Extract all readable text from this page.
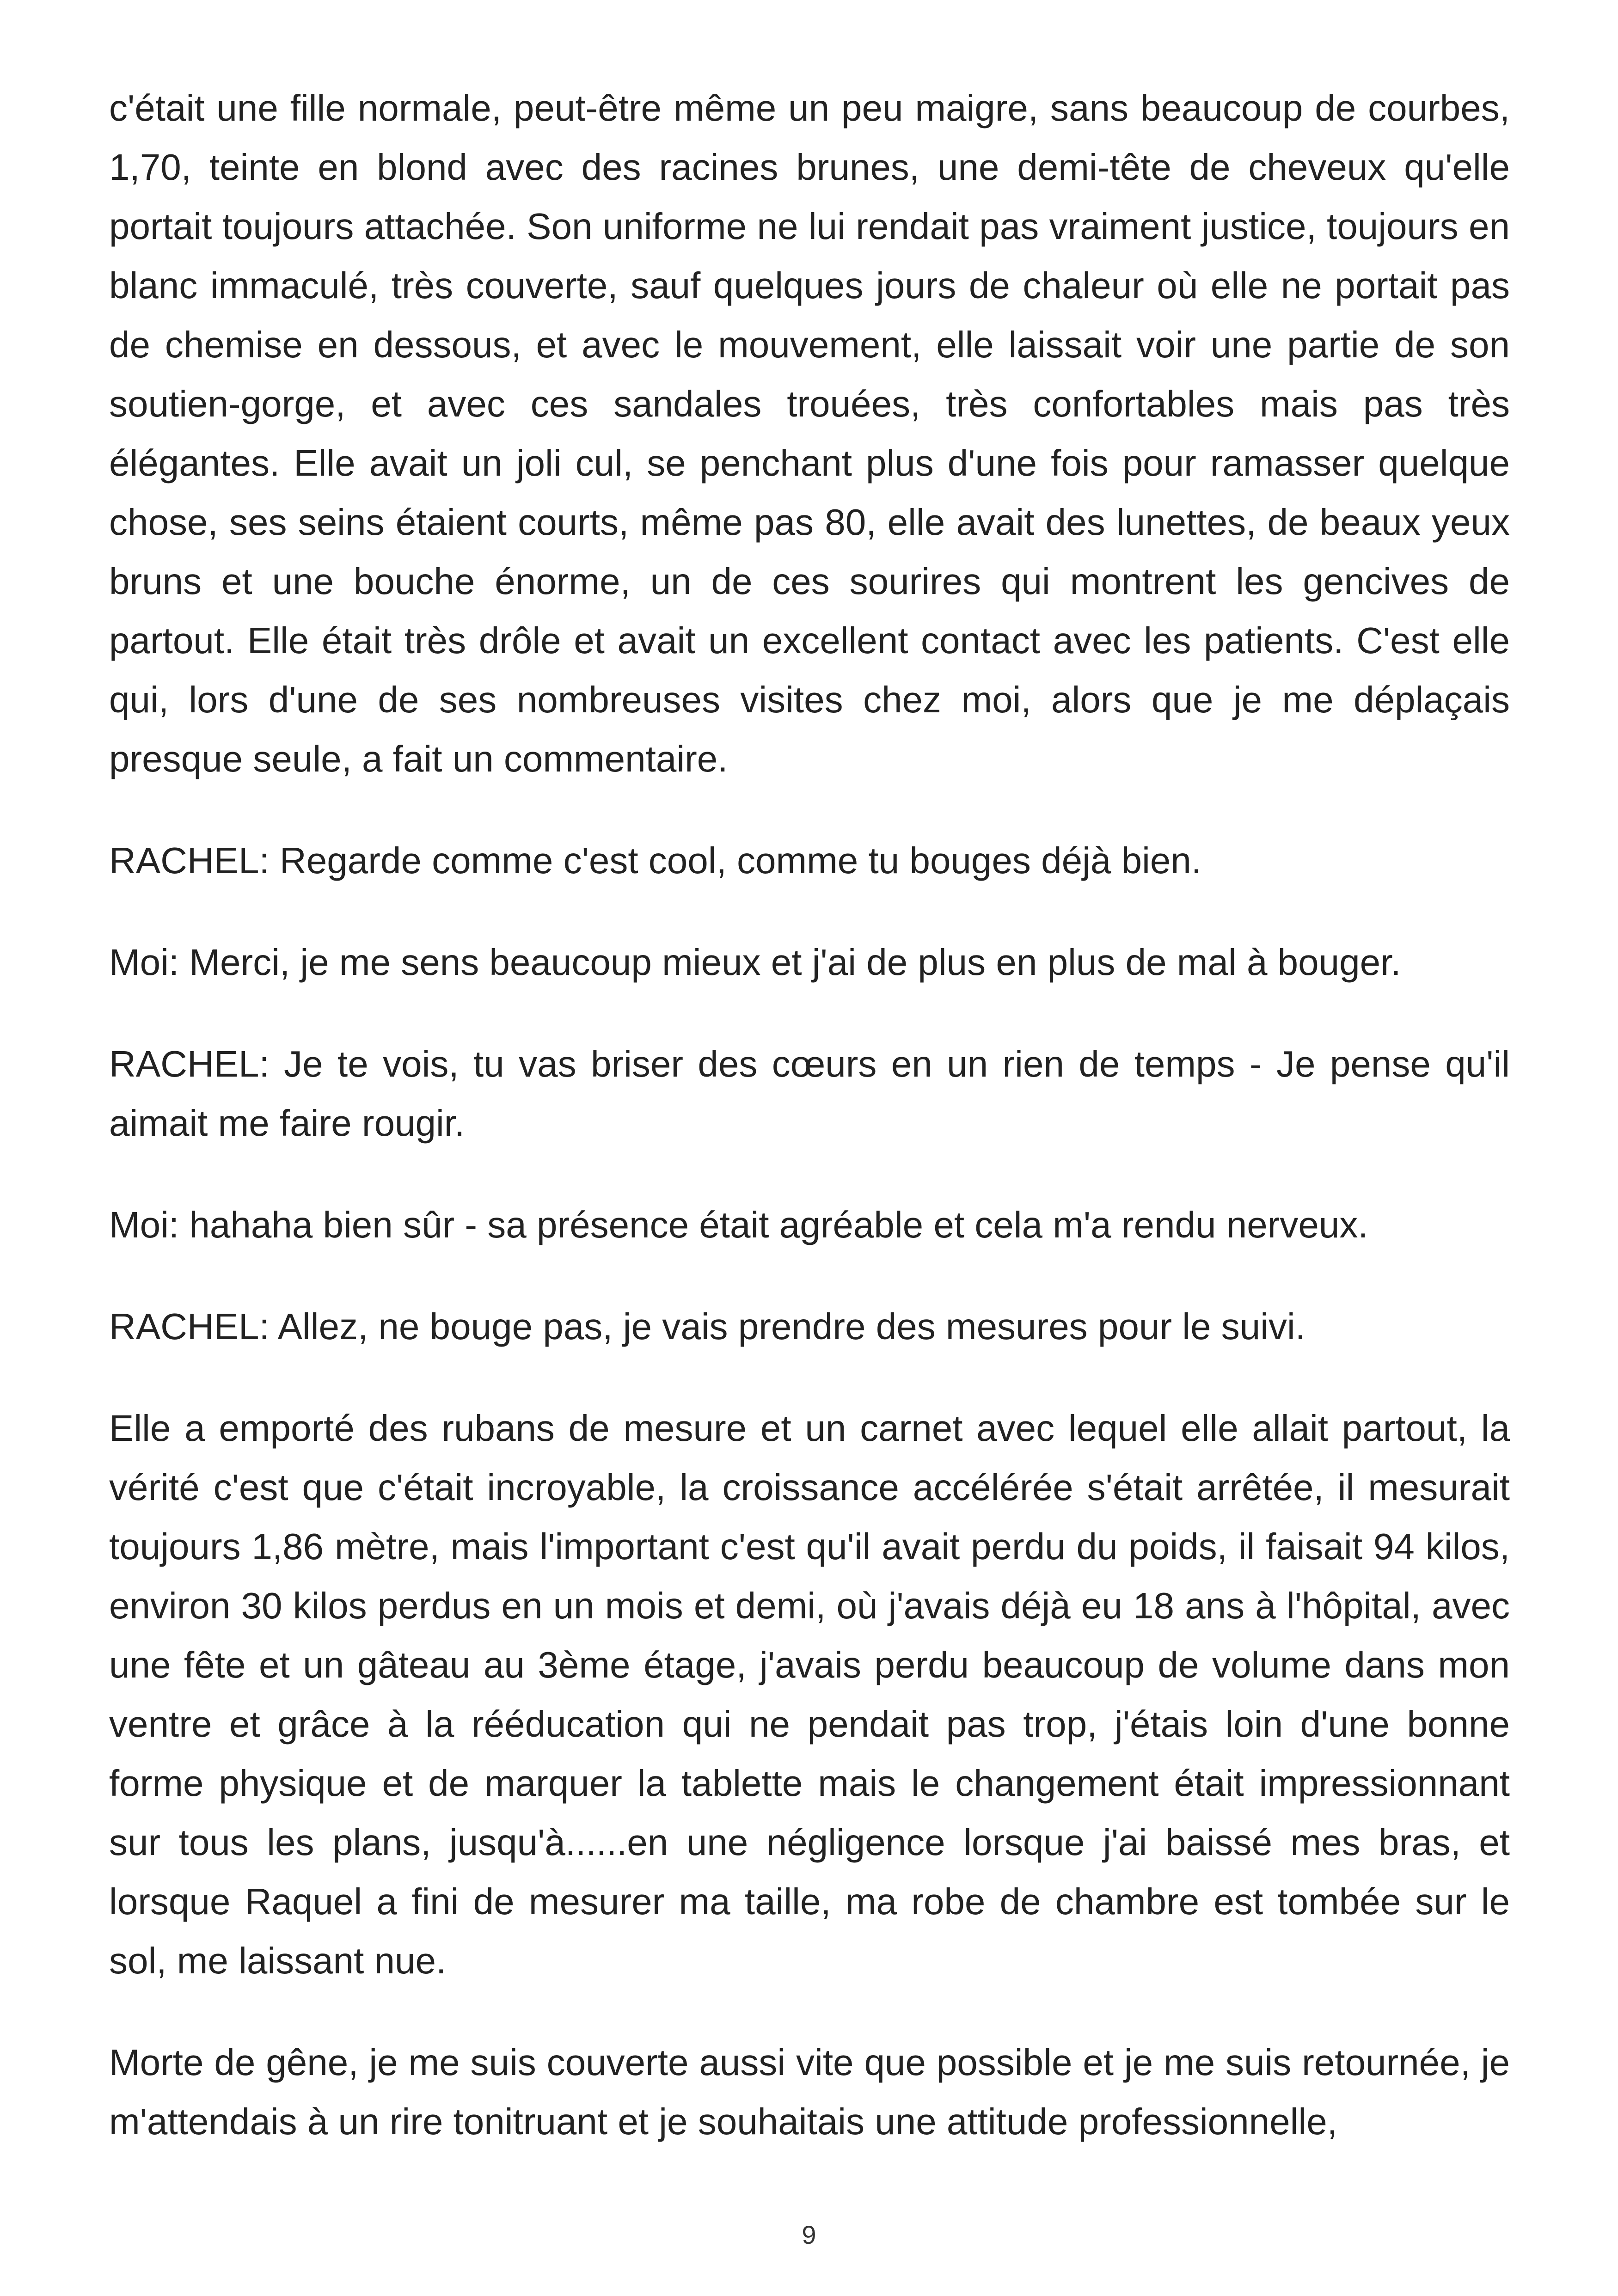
c'était une fille normale, peut-être même un peu maigre, sans beaucoup de courbes, 1,70, teinte en blond avec des racines brunes, une demi-tête de cheveux qu'elle portait toujours attachée. Son uniforme ne lui rendait pas vraiment justice, toujours en blanc immaculé, très couverte, sauf quelques jours de chaleur où elle ne portait pas de chemise en dessous, et avec le mouvement, elle laissait voir une partie de son soutien-gorge, et avec ces sandales trouées, très confortables mais pas très élégantes. Elle avait un joli cul, se penchant plus d'une fois pour ramasser quelque chose, ses seins étaient courts, même pas 80, elle avait des lunettes, de beaux yeux bruns et une bouche énorme, un de ces sourires qui montrent les gencives de partout. Elle était très drôle et avait un excellent contact avec les patients. C'est elle qui, lors d'une de ses nombreuses visites chez moi, alors que je me déplaçais presque seule, a fait un commentaire.

RACHEL: Regarde comme c'est cool, comme tu bouges déjà bien.

Moi: Merci, je me sens beaucoup mieux et j'ai de plus en plus de mal à bouger.

RACHEL: Je te vois, tu vas briser des cœurs en un rien de temps - Je pense qu'il aimait me faire rougir.

Moi: hahaha bien sûr - sa présence était agréable et cela m'a rendu nerveux.

RACHEL: Allez, ne bouge pas, je vais prendre des mesures pour le suivi.

Elle a emporté des rubans de mesure et un carnet avec lequel elle allait partout, la vérité c'est que c'était incroyable, la croissance accélérée s'était arrêtée, il mesurait toujours 1,86 mètre, mais l'important c'est qu'il avait perdu du poids, il faisait 94 kilos, environ 30 kilos perdus en un mois et demi, où j'avais déjà eu 18 ans à l'hôpital, avec une fête et un gâteau au 3ème étage, j'avais perdu beaucoup de volume dans mon ventre et grâce à la rééducation qui ne pendait pas trop, j'étais loin d'une bonne forme physique et de marquer la tablette mais le changement était impressionnant sur tous les plans, jusqu'à......en une négligence lorsque j'ai baissé mes bras, et lorsque Raquel a fini de mesurer ma taille, ma robe de chambre est tombée sur le sol, me laissant nue.

Morte de gêne, je me suis couverte aussi vite que possible et je me suis retournée, je m'attendais à un rire tonitruant et je souhaitais une attitude professionnelle,

9
